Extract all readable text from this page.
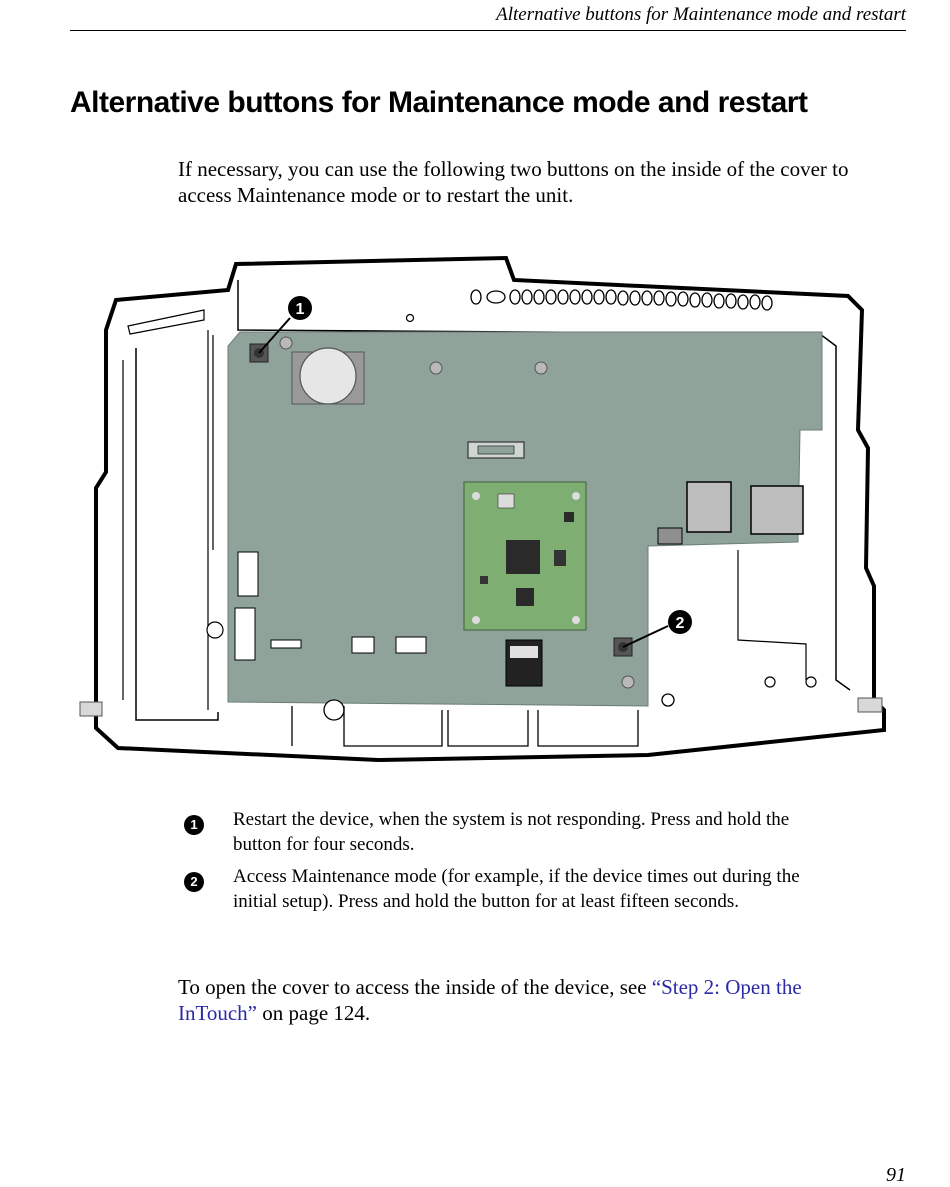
Alternative buttons for Maintenance mode and restart
Alternative buttons for Maintenance mode and restart

If necessary, you can use the following two buttons on the inside of the cover to access Maintenance mode or to restart the unit.

1
2
1	Restart the device, when the system is not responding. Press and hold the button for four seconds.

2	Access Maintenance mode (for example, if the device times out during the initial setup). Press and hold the button for at least fifteen seconds.

To open the cover to access the inside of the device, see “Step 2: Open the InTouch” on page 124.

91
